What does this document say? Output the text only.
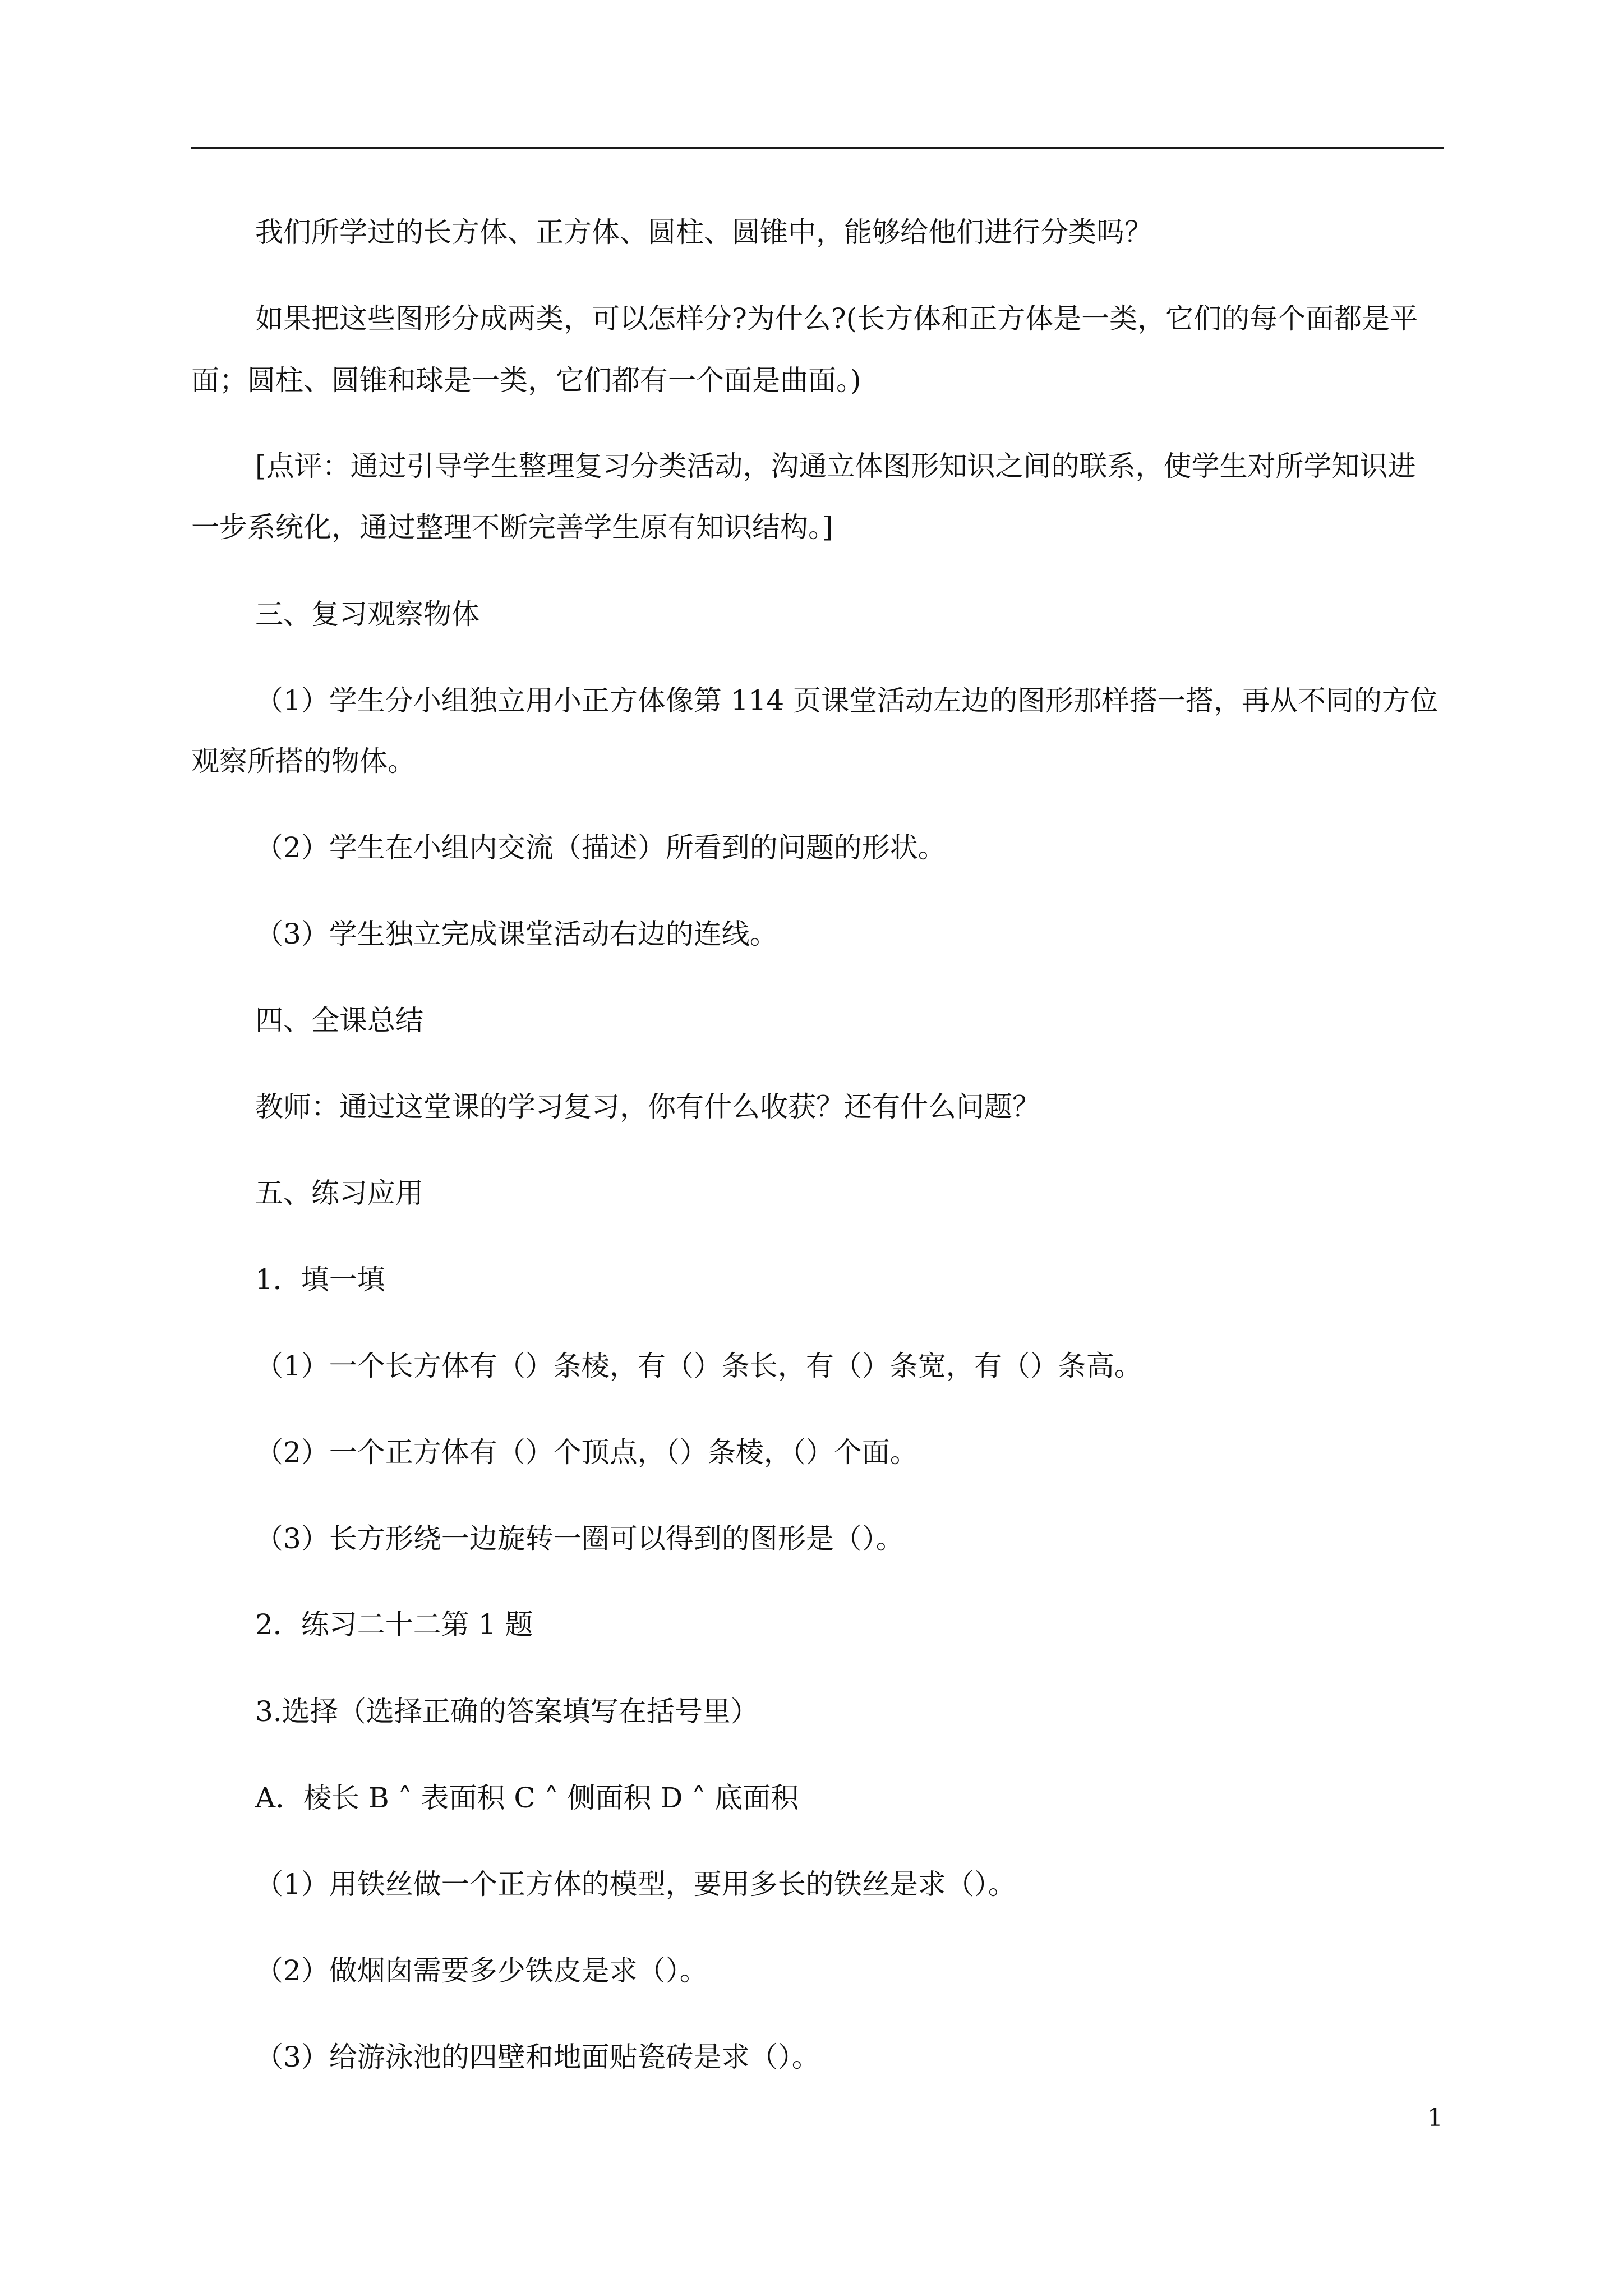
我们所学过的长方体、正方体、圆柱、圆锥中，能够给他们进行分类吗？
如果把这些图形分成两类，可以怎样分?为什么?(长方体和正方体是一类，它们的每个面都是平
面；圆柱、圆锥和球是一类，它们都有一个面是曲面。)
[点评：通过引导学生整理复习分类活动，沟通立体图形知识之间的联系，使学生对所学知识进
一步系统化，通过整理不断完善学生原有知识结构。]
三、复习观察物体
（1）学生分小组独立用小正方体像第 114 页课堂活动左边的图形那样搭一搭，再从不同的方位
观察所搭的物体。
（2）学生在小组内交流（描述）所看到的问题的形状。
（3）学生独立完成课堂活动右边的连线。
四、全课总结
教师：通过这堂课的学习复习，你有什么收获？还有什么问题？
五、练习应用
1．填一填
（1）一个长方体有（）条棱，有（）条长，有（）条宽，有（）条高。
（2）一个正方体有（）个顶点，（）条棱，（）个面。
（3）长方形绕一边旋转一圈可以得到的图形是（）。
2．练习二十二第 1 题
3.选择（选择正确的答案填写在括号里）
A．棱长 B ˄ 表面积 C ˄ 侧面积 D ˄ 底面积
（1）用铁丝做一个正方体的模型，要用多长的铁丝是求（）。
（2）做烟囱需要多少铁皮是求（）。
（3）给游泳池的四壁和地面贴瓷砖是求（）。
1
